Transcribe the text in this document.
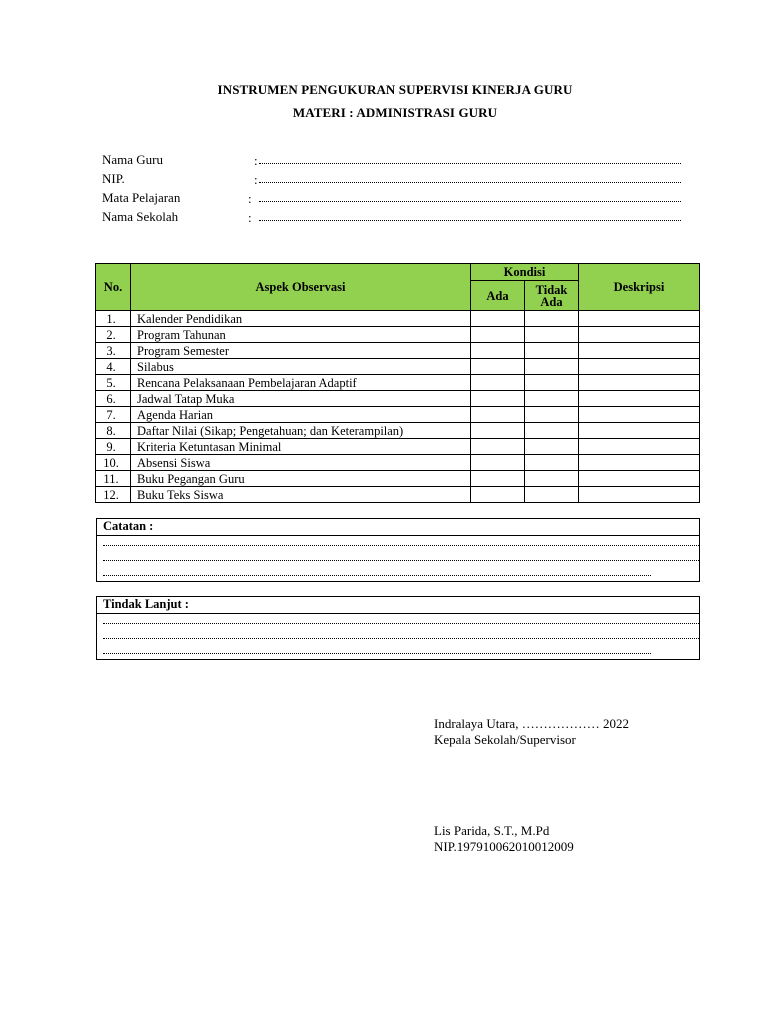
INSTRUMEN PENGUKURAN SUPERVISI KINERJA GURU
MATERI : ADMINISTRASI GURU
Nama Guru	:
NIP.	:
Mata Pelajaran	:
Nama Sekolah	:
No.	Aspek Observasi	Kondisi		Deskripsi
		Ada	Tidak
Ada	
1.	Kalender Pendidikan			
2.	Program Tahunan			
3.	Program Semester			
4.	Silabus			
5.	Rencana Pelaksanaan Pembelajaran Adaptif			
6.	Jadwal Tatap Muka			
7.	Agenda Harian			
8.	Daftar Nilai (Sikap; Pengetahuan; dan Keterampilan)			
9.	Kriteria Ketuntasan Minimal			
10.	Absensi Siswa			
11.	Buku Pegangan Guru			
12.	Buku Teks Siswa			
Catatan :
Tindak Lanjut :
Indralaya Utara, ……………… 2022
Kepala Sekolah/Supervisor
Lis Parida, S.T., M.Pd
NIP.197910062010012009
